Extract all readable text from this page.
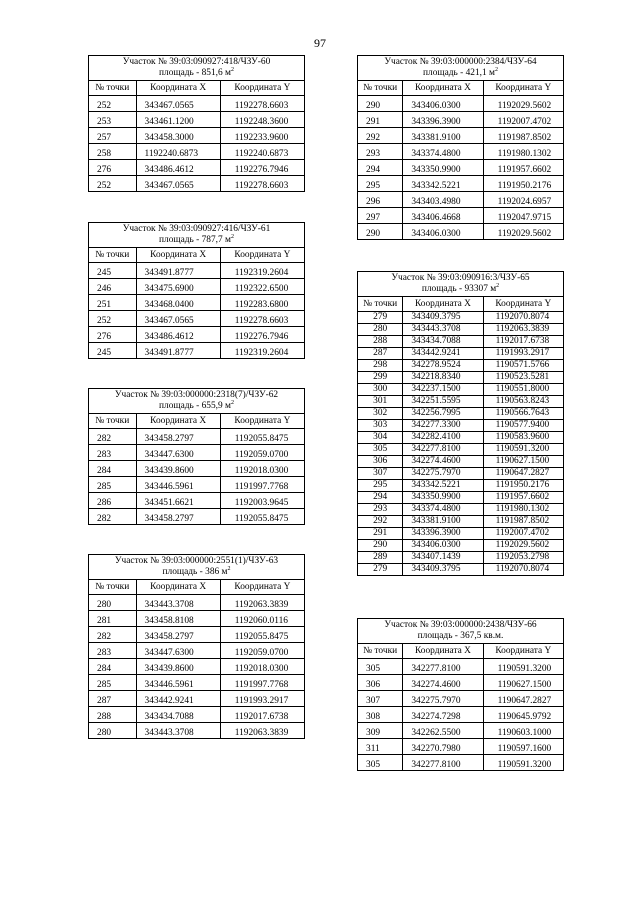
97
Участок № 39:03:090927:418/ЧЗУ-60
площадь - 851,6 $м^2$

№ точки	Координата Х	Координата Y
252	343467.0565	1192278.6603
253	343461.1200	1192248.3600
257	343458.3000	1192233.9600
258	1192240.6873	1192240.6873
276	343486.4612	1192276.7946
252	343467.0565	1192278.6603
Участок № 39:03:090927:416/ЧЗУ-61
площадь - 787,7 $м^2$

№ точки	Координата Х	Координата Y
245	343491.8777	1192319.2604
246	343475.6900	1192322.6500
251	343468.0400	1192283.6800
252	343467.0565	1192278.6603
276	343486.4612	1192276.7946
245	343491.8777	1192319.2604
Участок № 39:03:000000:2318(7)/ЧЗУ-62
площадь - 655,9 $м^2$

№ точки	Координата Х	Координата Y
282	343458.2797	1192055.8475
283	343447.6300	1192059.0700
284	343439.8600	1192018.0300
285	343446.5961	1191997.7768
286	343451.6621	1192003.9645
282	343458.2797	1192055.8475
Участок № 39:03:000000:2551(1)/ЧЗУ-63
площадь - 386 $м^2$

№ точки	Координата Х	Координата Y
280	343443.3708	1192063.3839
281	343458.8108	1192060.0116
282	343458.2797	1192055.8475
283	343447.6300	1192059.0700
284	343439.8600	1192018.0300
285	343446.5961	1191997.7768
287	343442.9241	1191993.2917
288	343434.7088	1192017.6738
280	343443.3708	1192063.3839
Участок № 39:03:000000:2384/ЧЗУ-64
площадь - 421,1 $м^2$

№ точки	Координата Х	Координата Y
290	343406.0300	1192029.5602
291	343396.3900	1192007.4702
292	343381.9100	1191987.8502
293	343374.4800	1191980.1302
294	343350.9900	1191957.6602
295	343342.5221	1191950.2176
296	343403.4980	1192024.6957
297	343406.4668	1192047.9715
290	343406.0300	1192029.5602
Участок № 39:03:090916:3/ЧЗУ-65
площадь - 93307 $м^2$

№ точки	Координата Х	Координата Y
279	343409.3795	1192070.8074
280	343443.3708	1192063.3839
288	343434.7088	1192017.6738
287	343442.9241	1191993.2917
298	342278.9524	1190571.5766
299	342218.8340	1190523.5281
300	342237.1500	1190551.8000
301	342251.5595	1190563.8243
302	342256.7995	1190566.7643
303	342277.3300	1190577.9400
304	342282.4100	1190583.9600
305	342277.8100	1190591.3200
306	342274.4600	1190627.1500
307	342275.7970	1190647.2827
295	343342.5221	1191950.2176
294	343350.9900	1191957.6602
293	343374.4800	1191980.1302
292	343381.9100	1191987.8502
291	343396.3900	1192007.4702
290	343406.0300	1192029.5602
289	343407.1439	1192053.2798
279	343409.3795	1192070.8074
Участок № 39:03:000000:2438/ЧЗУ-66
площадь - 367,5 кв.м.		

№ точки	Координата Х	Координата Y
305	342277.8100	1190591.3200
306	342274.4600	1190627.1500
307	342275.7970	1190647.2827
308	342274.7298	1190645.9792
309	342262.5500	1190603.1000
311	342270.7980	1190597.1600
305	342277.8100	1190591.3200
